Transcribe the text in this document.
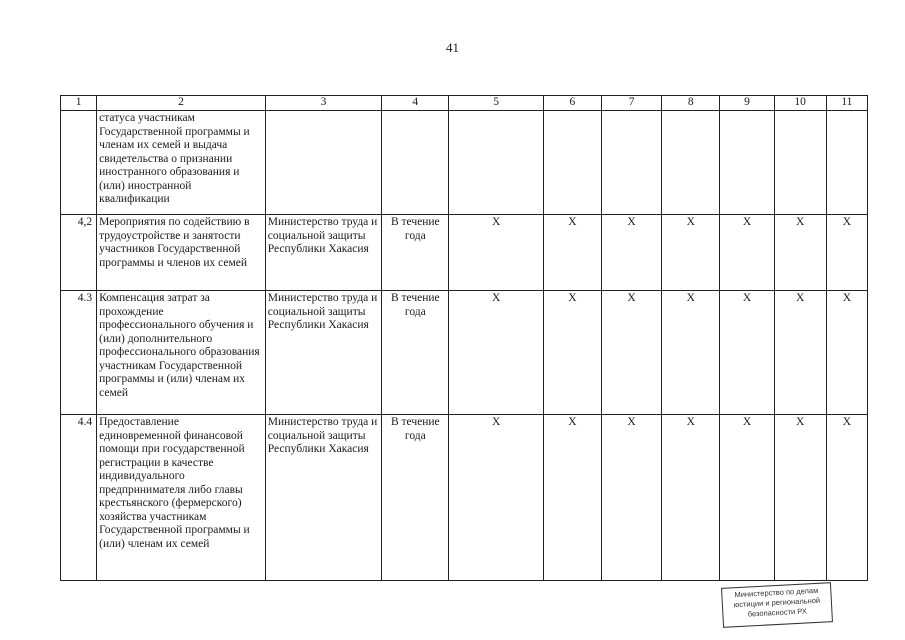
41
1	2	3	4	5	6	7	8	9	10	11
	статуса участникам Государственной программы и членам их семей и выдача свидетельства о признании иностранного образования и (или) иностранной квалификации									
4,2	Мероприятия по содействию в трудоустройстве и занятости участников Государственной программы и членов их семей	Министерство труда и социальной защиты Республики Хакасия	В течение года	X	X	X	X	X	X	X
4.3	Компенсация затрат за прохождение профессионального обучения и (или) дополнительного профессионального образования участникам Государственной программы и (или) членам их семей	Министерство труда и социальной защиты Республики Хакасия	В течение года	X	X	X	X	X	X	X
4.4	Предоставление единовременной финансовой помощи при государственной регистрации в качестве индивидуального предпринимателя либо главы крестьянского (фермерского) хозяйства участникам Государственной программы и (или) членам их семей	Министерство труда и социальной защиты Республики Хакасия	В течение года	X	X	X	X	X	X	X
Министерство по делам
юстиции и региональной
безопасности РХ
